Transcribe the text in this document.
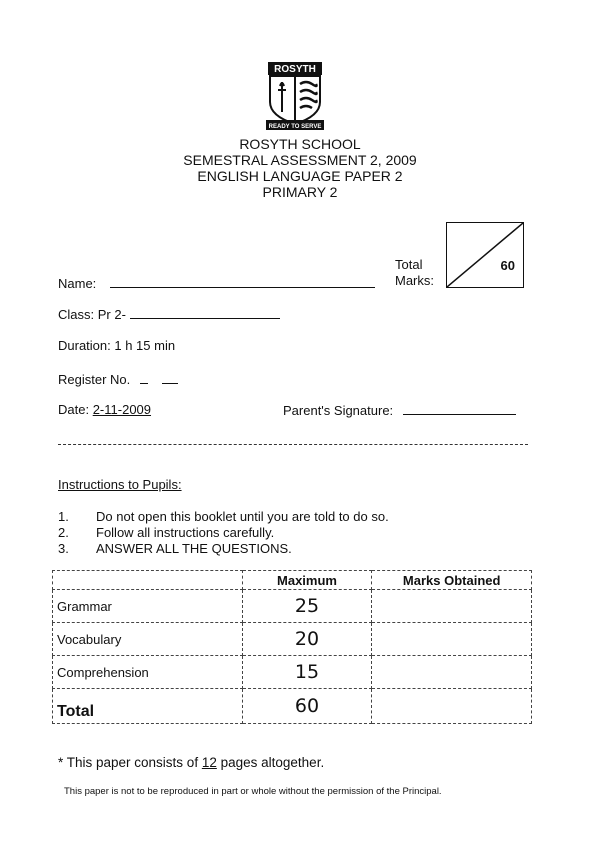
ROSYTH
READY TO SERVE
ROSYTH SCHOOL
SEMESTRAL ASSESSMENT 2, 2009
ENGLISH LANGUAGE PAPER 2
PRIMARY 2
Total
Marks:
60
Name:
Class: Pr 2-
Duration: 1 h 15 min
Register No.
Date: 2-11-2009	Parent's Signature:
Instructions to Pupils:
1. Do not open this booklet until you are told to do so.
2. Follow all instructions carefully.
3. ANSWER ALL THE QUESTIONS.
	Maximum	Marks Obtained
Grammar	25	
Vocabulary	20	
Comprehension	15	
Total	60	
* This paper consists of 12 pages altogether.
This paper is not to be reproduced in part or whole without the permission of the Principal.
